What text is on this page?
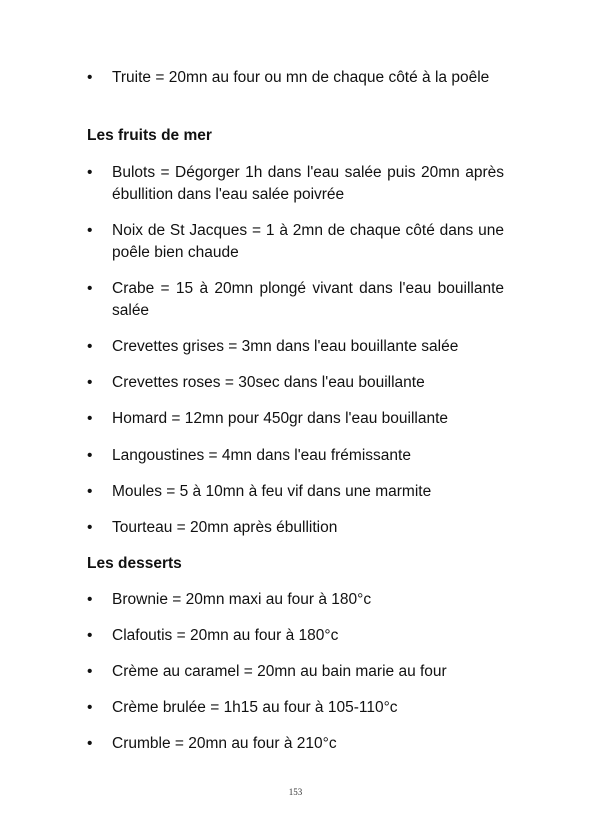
•	Truite = 20mn au four ou mn de chaque côté à la poêle
Les fruits de mer
•	Bulots = Dégorger 1h dans l'eau salée puis 20mn après ébullition dans l'eau salée poivrée
•	Noix de St Jacques = 1 à 2mn de chaque côté dans une poêle bien chaude
•	Crabe = 15 à 20mn plongé vivant dans l'eau bouillante salée
•	Crevettes grises = 3mn dans l'eau bouillante salée
•	Crevettes roses = 30sec dans l'eau bouillante
•	Homard = 12mn pour 450gr dans l'eau bouillante
•	Langoustines = 4mn dans l'eau frémissante
•	Moules = 5 à 10mn à feu vif dans une marmite
•	Tourteau = 20mn après ébullition
Les desserts
•	Brownie = 20mn maxi au four à 180°c
•	Clafoutis = 20mn au four à 180°c
•	Crème au caramel = 20mn au bain marie au four
•	Crème brulée = 1h15 au four à 105-110°c
•	Crumble = 20mn au four à 210°c
153
